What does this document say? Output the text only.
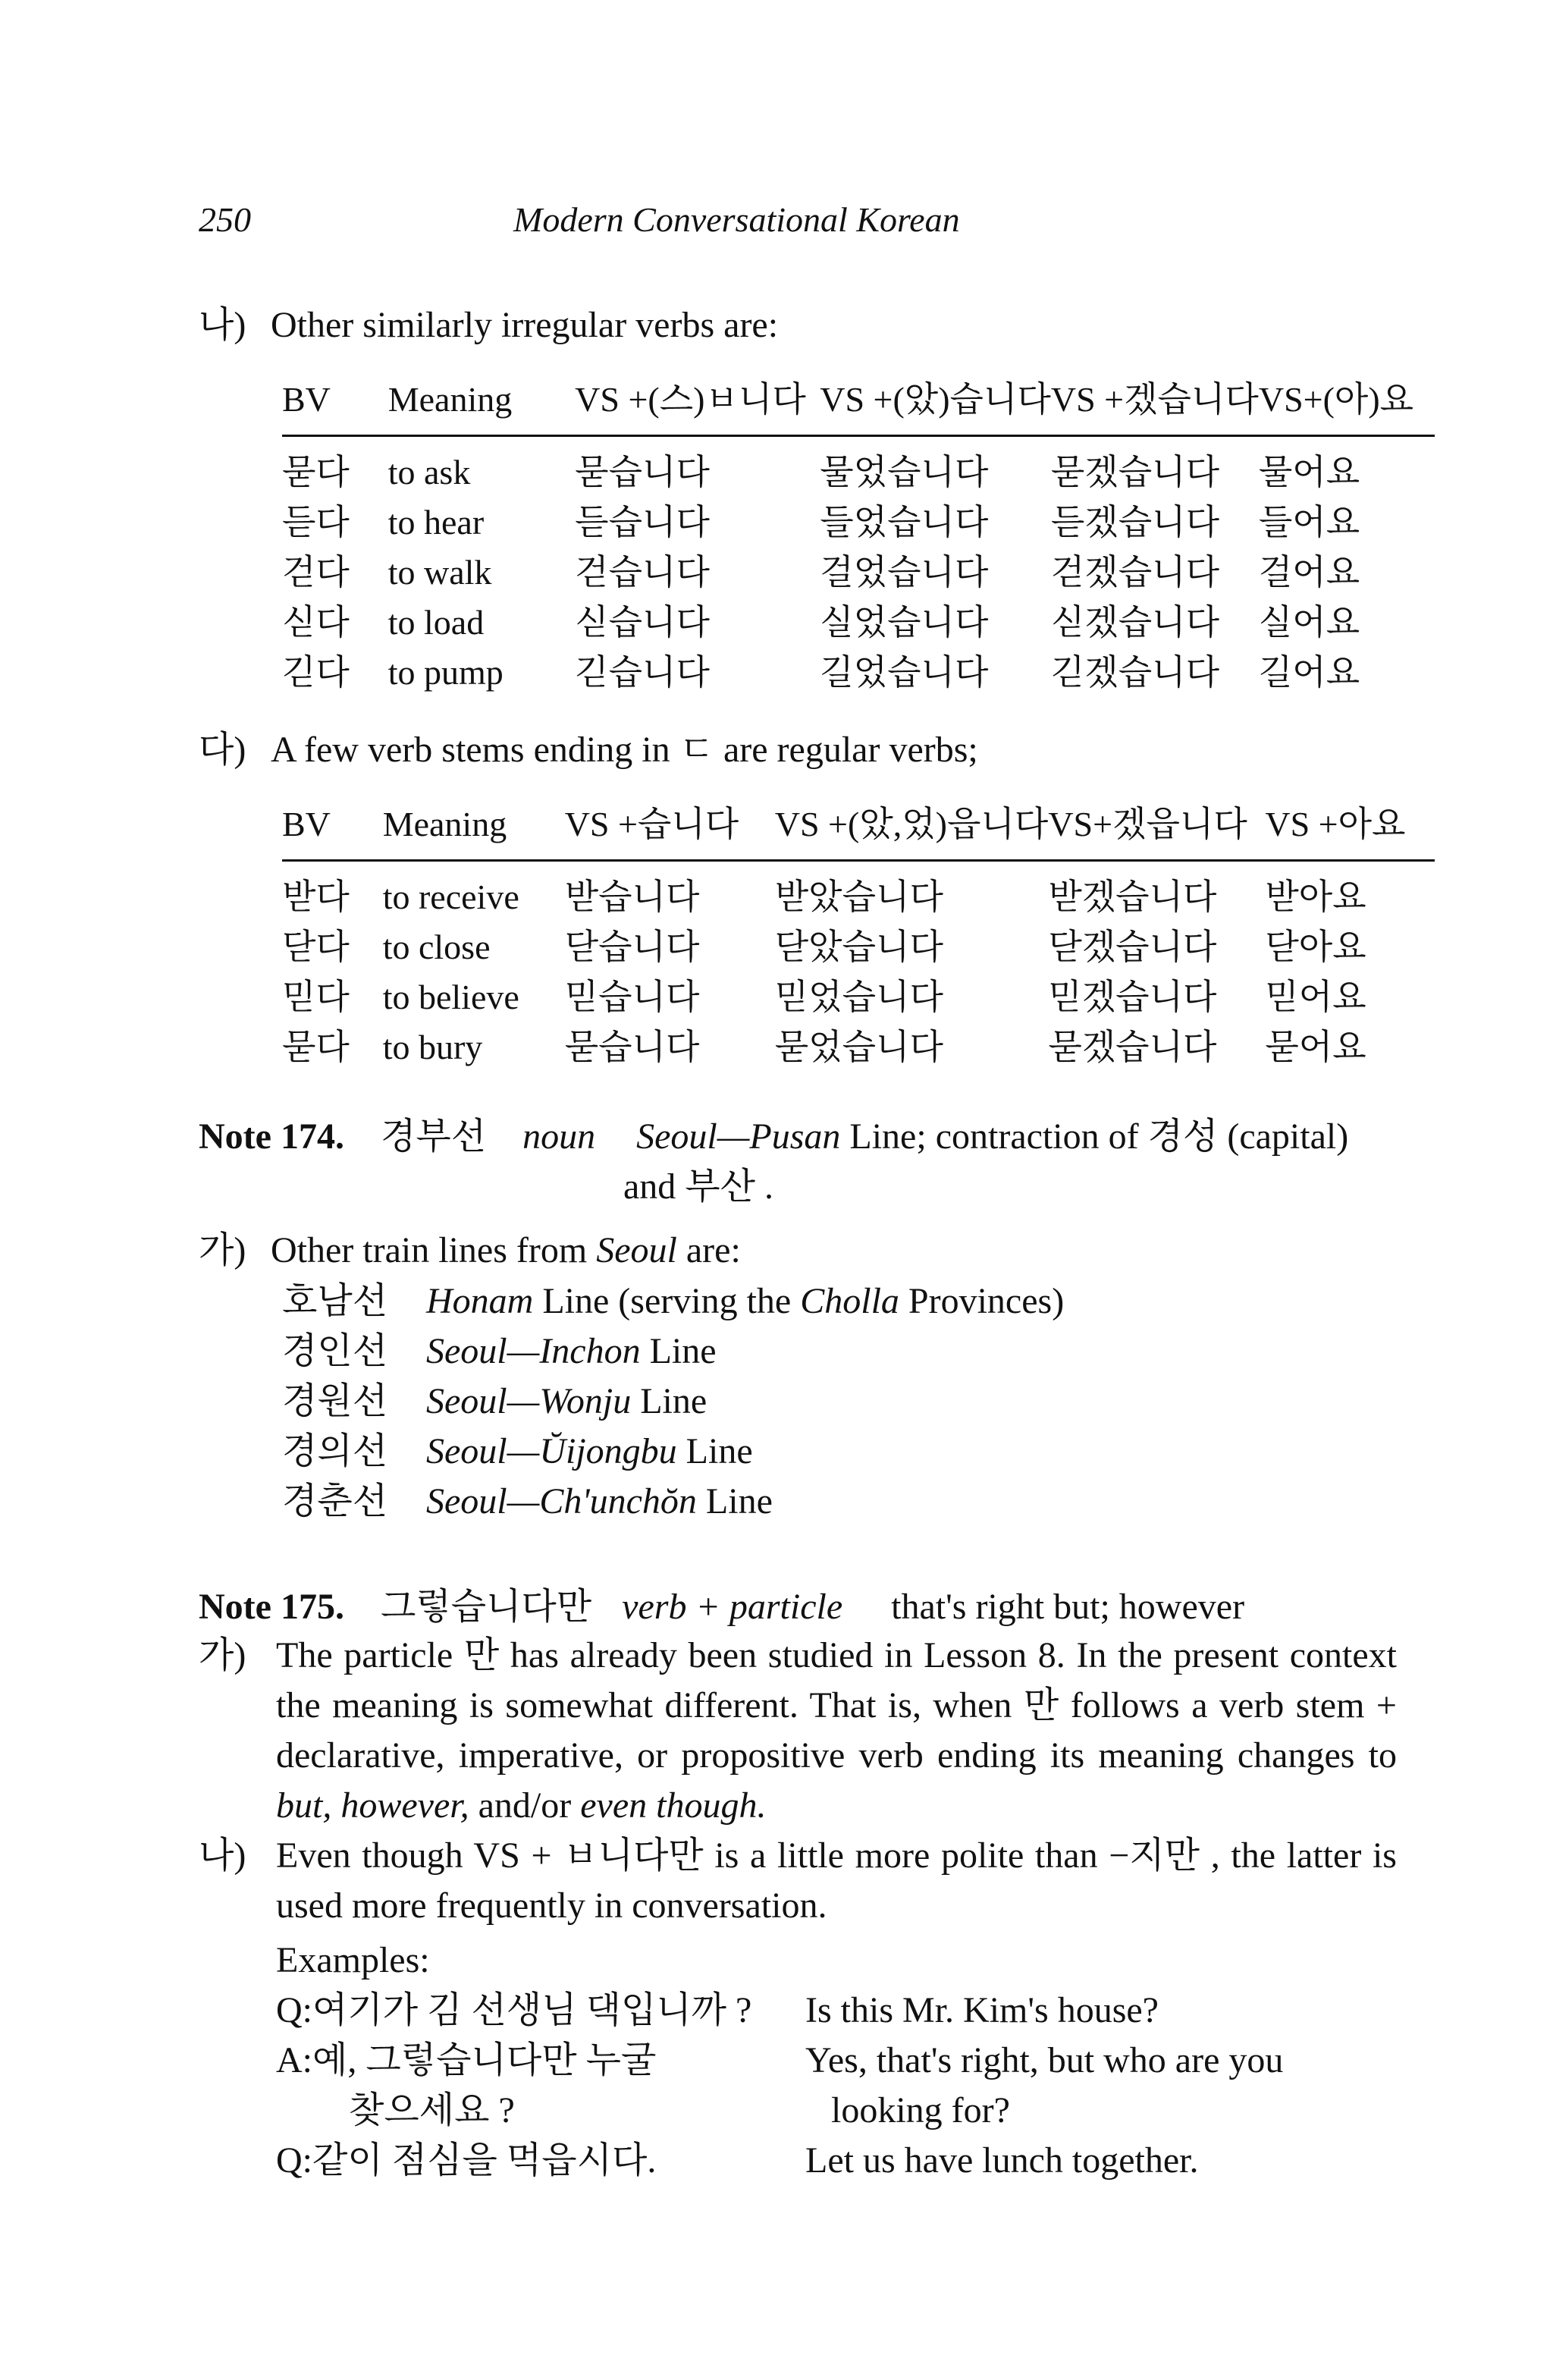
250	Modern Conversational Korean
나) Other similarly irregular verbs are:
BV	Meaning	VS +(스)ㅂ니다	VS +(았)습니다	VS +겠습니다	VS+(아)요
묻다	to ask	묻습니다	물었습니다	묻겠습니다	물어요
듣다	to hear	듣습니다	들었습니다	듣겠습니다	들어요
걷다	to walk	걷습니다	걸었습니다	걷겠습니다	걸어요
싣다	to load	싣습니다	실었습니다	싣겠습니다	실어요
긷다	to pump	긷습니다	길었습니다	긷겠습니다	길어요
다) A few verb stems ending in ㄷ are regular verbs;
BV	Meaning	VS +습니다	VS +(았,었)읍니다	VS+겠읍니다	VS +아요
받다	to receive	받습니다	받았습니다	받겠습니다	받아요
닫다	to close	닫습니다	닫았습니다	닫겠습니다	닫아요
믿다	to believe	믿습니다	믿었습니다	믿겠습니다	믿어요
묻다	to bury	묻습니다	묻었습니다	묻겠습니다	묻어요
Note 174. 경부선 noun Seoul—Pusan Line; contraction of 경성 (capital)
and 부산 .
가) Other train lines from Seoul are:
호남선 Honam Line (serving the Cholla Provinces)
경인선 Seoul—Inchon Line
경원선 Seoul—Wonju Line
경의선 Seoul—Ŭijongbu Line
경춘선 Seoul—Ch'unchŏn Line
Note 175. 그렇습니다만 verb + particle that's right but; however
가) The particle 만 has already been studied in Lesson 8. In the present context the meaning is somewhat different. That is, when 만 follows a verb stem + declarative, imperative, or propositive verb ending its meaning changes to but, however, and/or even though.
나) Even though VS + ㅂ니다만 is a little more polite than −지만 , the latter is used more frequently in conversation.
Examples:
Q:여기가 김 선생님 댁입니까 ? Is this Mr. Kim's house?
A:예, 그렇습니다만 누굴	Yes, that's right, but who are you
찾으세요 ?	looking for?
Q:같이 점심을 먹읍시다.	Let us have lunch together.
